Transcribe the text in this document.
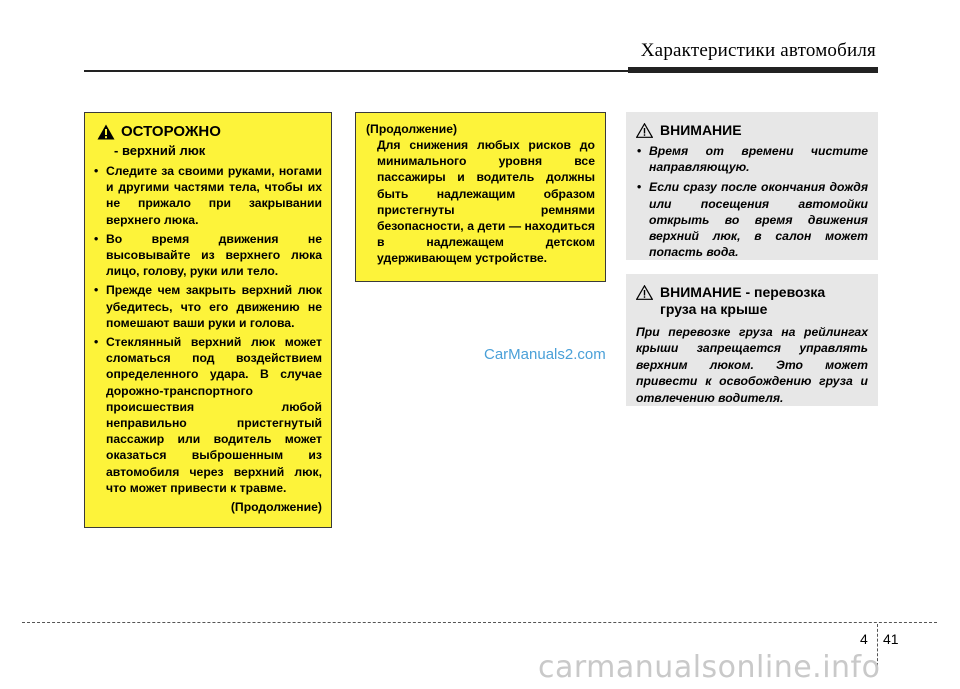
Характеристики автомобиля
ОСТОРОЖНО
- верхний люк
• Следите за своими руками, ногами и другими частями тела, чтобы их не прижало при закрывании верхнего люка.
• Во время движения не высовывайте из верхнего люка лицо, голову, руки или тело.
• Прежде чем закрыть верхний люк убедитесь, что его движению не помешают ваши руки и голова.
• Стеклянный верхний люк может сломаться под воздействием определенного удара. В случае дорожно-транспортного происшествия любой неправильно пристегнутый пассажир или водитель может оказаться выброшенным из автомобиля через верхний люк, что может привести к травме.
(Продолжение)
(Продолжение)
Для снижения любых рисков до минимального уровня все пассажиры и водитель должны быть надлежащим образом пристегнуты ремнями безопасности, а дети — находиться в надлежащем детском удерживающем устройстве.
ВНИМАНИЕ
• Время от времени чистите направляющую.
• Если сразу после окончания дождя или посещения автомойки открыть во время движения верхний люк, в салон может попасть вода.
ВНИМАНИЕ - перевозка
груза на крыше
При перевозке груза на рейлингах крыши запрещается управлять верхним люком. Это может привести к освобождению груза и отвлечению водителя.
CarManuals2.com
4 41
carmanualsonline.info
